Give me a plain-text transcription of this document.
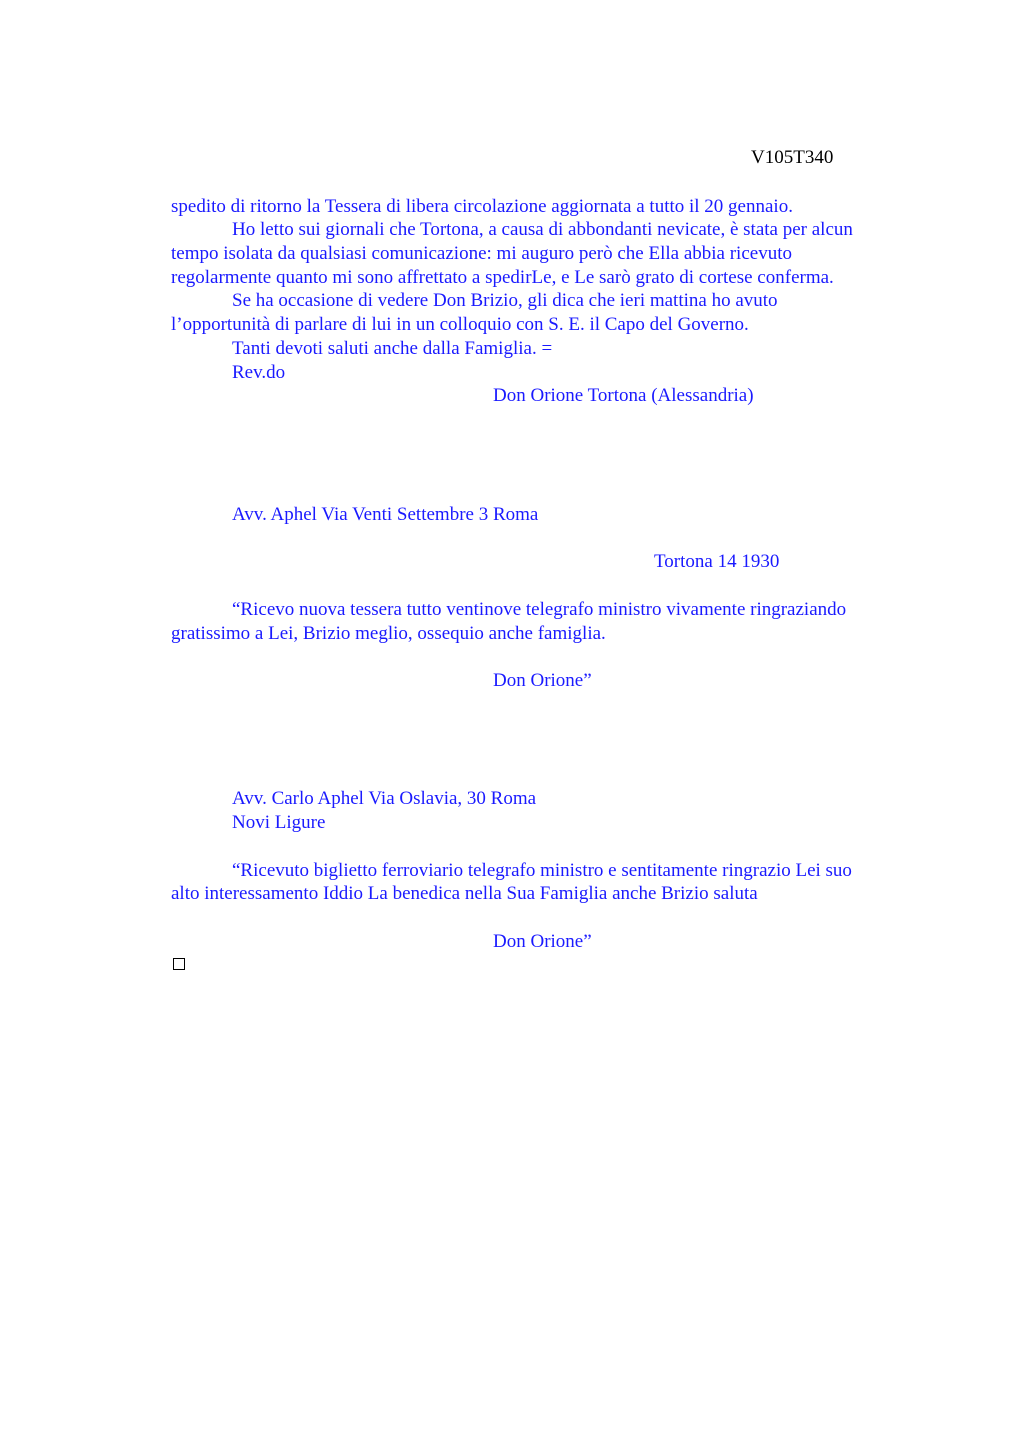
V105T340
spedito di ritorno la Tessera di libera circolazione aggiornata a tutto il 20 gennaio.
Ho letto sui giornali che Tortona, a causa di abbondanti nevicate, è stata per alcun
tempo isolata da qualsiasi comunicazione: mi auguro però che Ella abbia ricevuto
regolarmente quanto mi sono affrettato a spedirLe, e Le sarò grato di cortese conferma.
Se ha occasione di vedere Don Brizio, gli dica che ieri mattina ho avuto
l’opportunità di parlare di lui in un colloquio con S. E. il Capo del Governo.
Tanti devoti saluti anche dalla Famiglia. =
Rev.do
Don Orione Tortona (Alessandria)
Avv. Aphel Via Venti Settembre 3 Roma
Tortona 14 1930
“Ricevo nuova tessera tutto ventinove telegrafo ministro vivamente ringraziando
gratissimo a Lei, Brizio meglio, ossequio anche famiglia.
Don Orione”
Avv. Carlo Aphel Via Oslavia, 30 Roma
Novi Ligure
“Ricevuto biglietto ferroviario telegrafo ministro e sentitamente ringrazio Lei suo
alto interessamento Iddio La benedica nella Sua Famiglia anche Brizio saluta
Don Orione”
